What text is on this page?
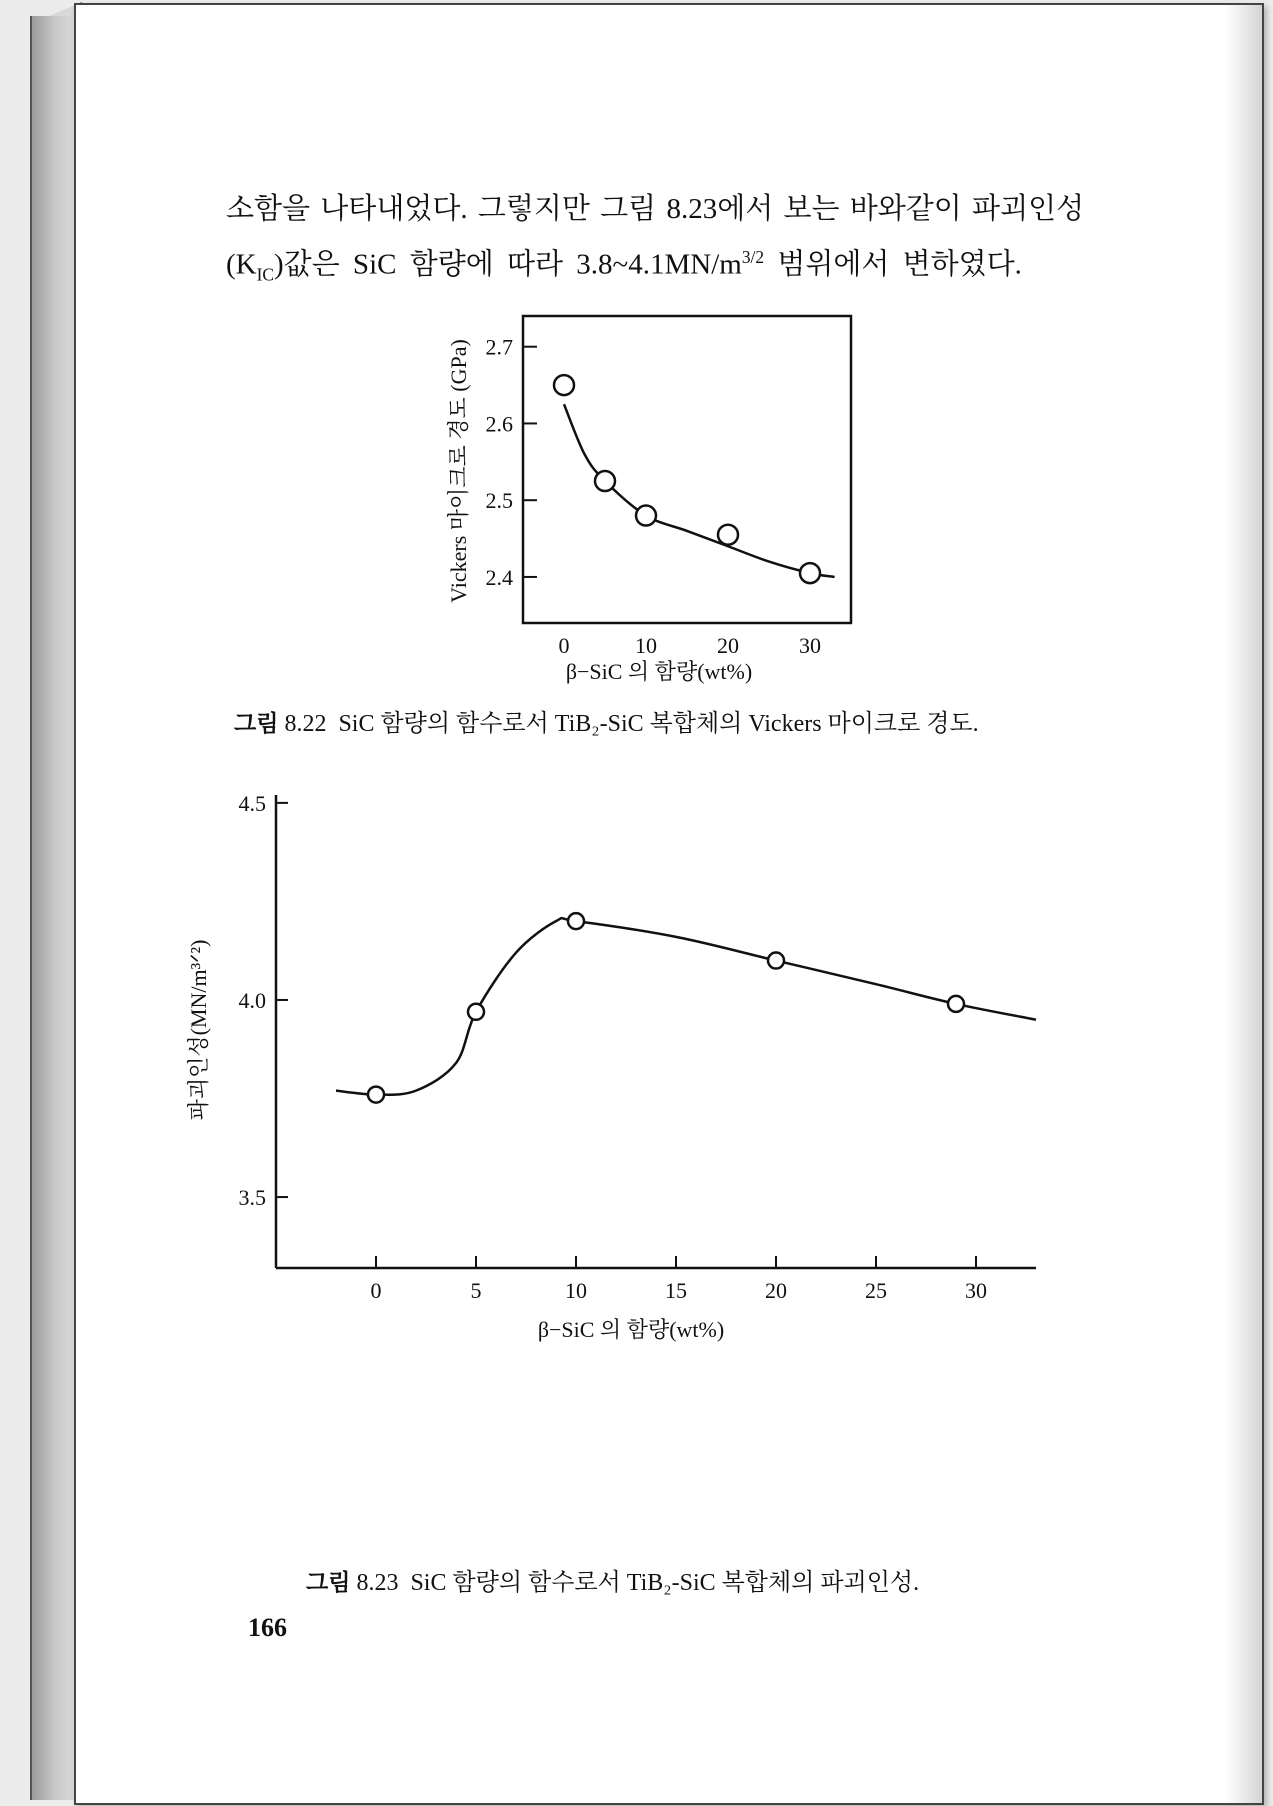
소함을 나타내었다. 그렇지만 그림 8.23에서 보는 바와같이 파괴인성
$(K_{IC})$값은 SiC 함량에 따라 $3.8\sim 4.1MN/m^{3/2}$ 범위에서 변하였다.
Vickers 마이크로 경도 (GPa)
β−SiC 의 함량(wt%)
2.4
2.5
2.6
2.7
0	10	20	30
그림 8.22 SiC 함량의 함수로서 TiB₂-SiC 복합체의 Vickers 마이크로 경도.
파괴인성(MN/m³ᐟ²)
β−SiC 의 함량(wt%)
3.5
4.0
4.5
0	5	10	15	20	25	30
그림 8.23 SiC 함량의 함수로서 TiB₂-SiC 복합체의 파괴인성.
166
